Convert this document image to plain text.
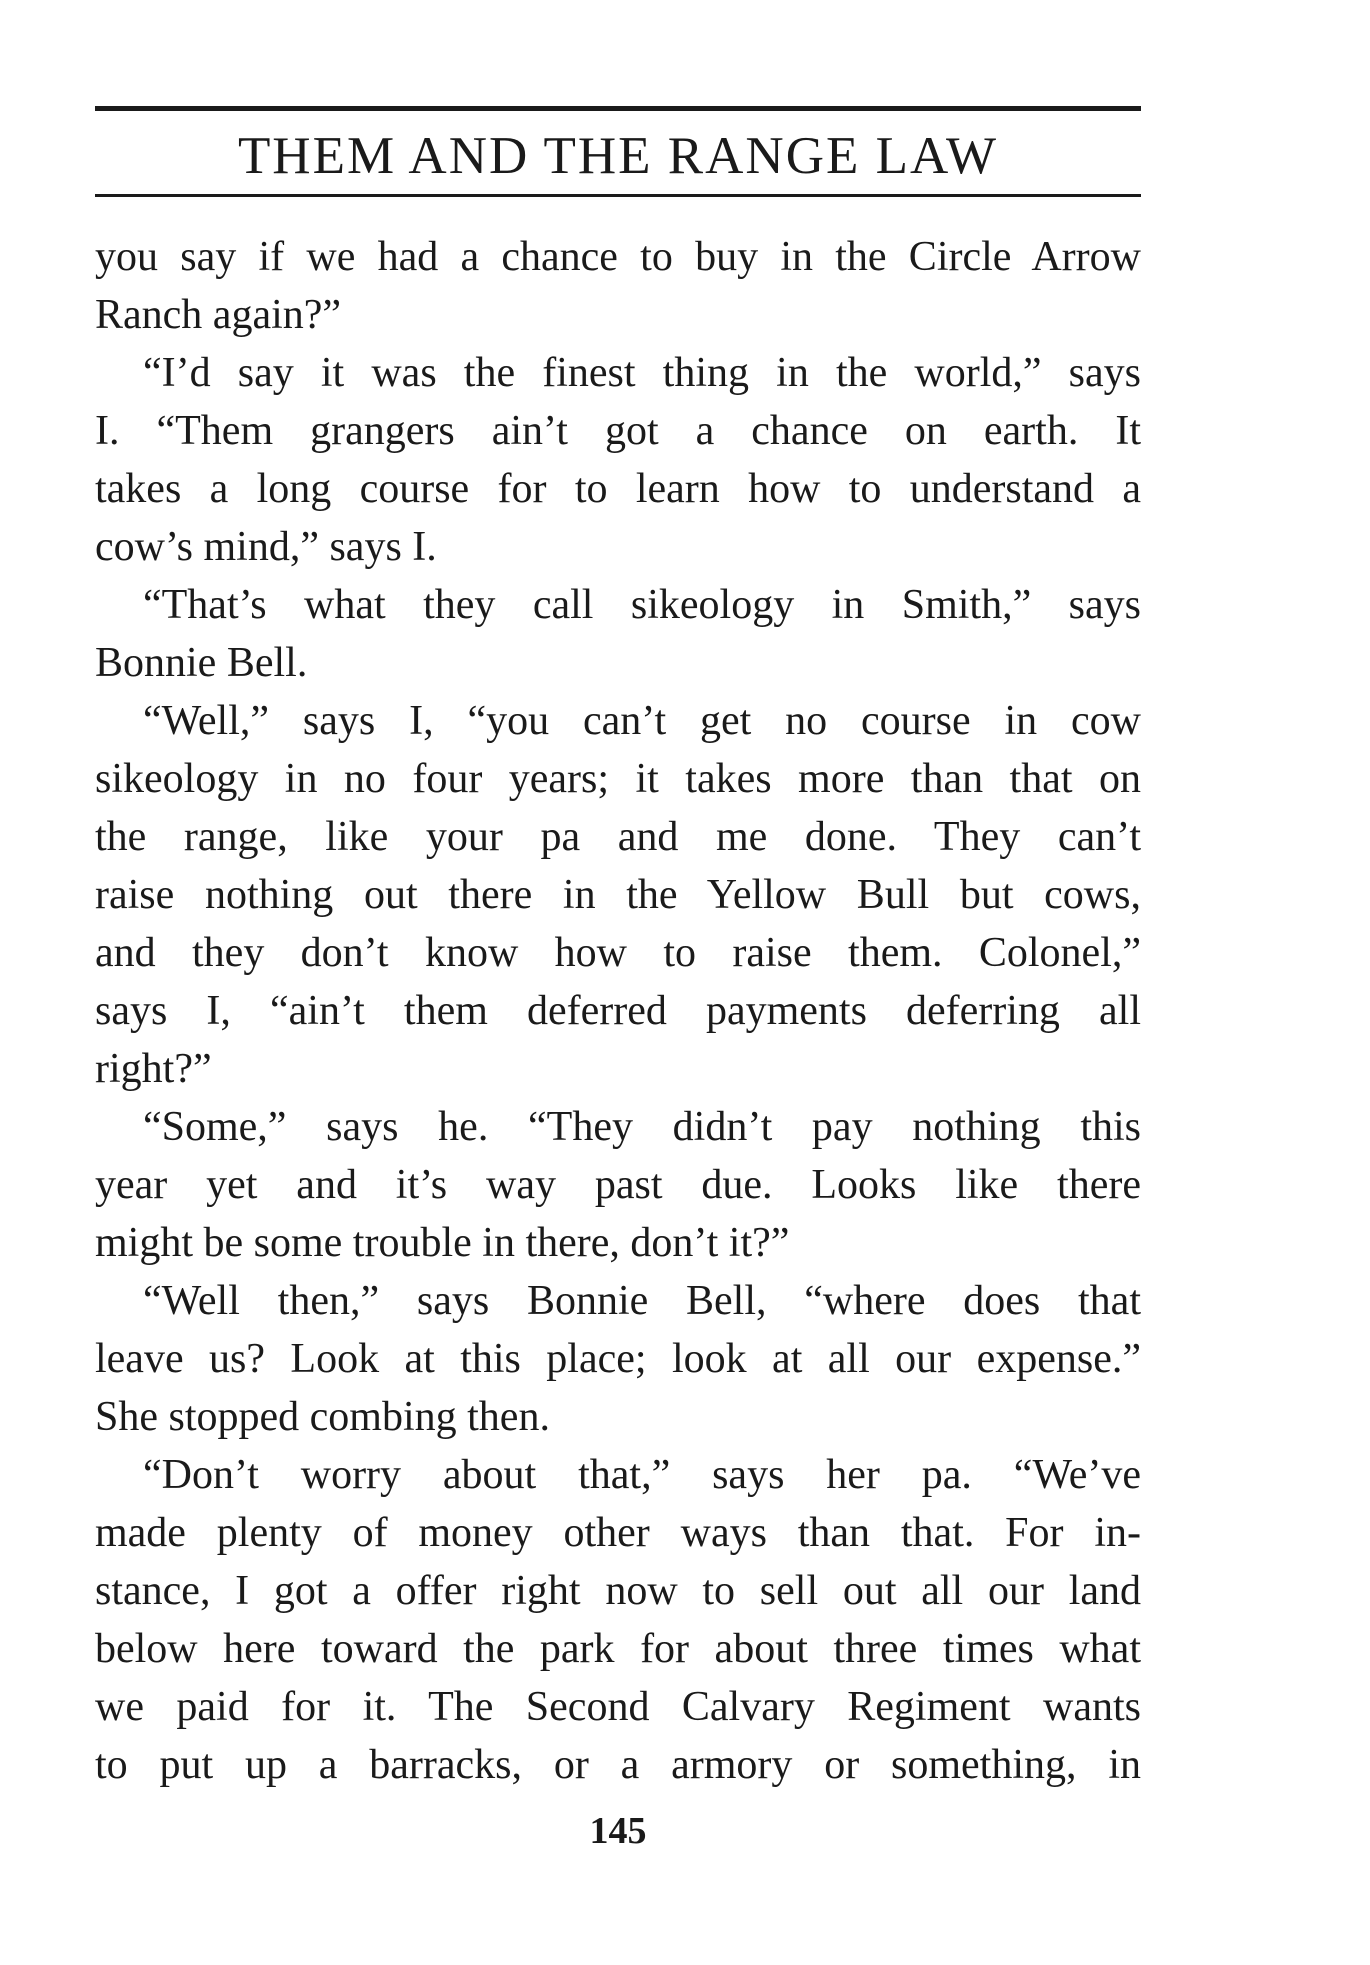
THEM AND THE RANGE LAW
you say if we had a chance to buy in the Circle Arrow
Ranch again?”
“I’d say it was the finest thing in the world,” says
I. “Them grangers ain’t got a chance on earth. It
takes a long course for to learn how to understand a
cow’s mind,” says I.
“That’s what they call sikeology in Smith,” says
Bonnie Bell.
“Well,” says I, “you can’t get no course in cow
sikeology in no four years; it takes more than that on
the range, like your pa and me done. They can’t
raise nothing out there in the Yellow Bull but cows,
and they don’t know how to raise them. Colonel,”
says I, “ain’t them deferred payments deferring all
right?”
“Some,” says he. “They didn’t pay nothing this
year yet and it’s way past due. Looks like there
might be some trouble in there, don’t it?”
“Well then,” says Bonnie Bell, “where does that
leave us? Look at this place; look at all our expense.”
She stopped combing then.
“Don’t worry about that,” says her pa. “We’ve
made plenty of money other ways than that. For in-
stance, I got a offer right now to sell out all our land
below here toward the park for about three times what
we paid for it. The Second Calvary Regiment wants
to put up a barracks, or a armory or something, in
145
